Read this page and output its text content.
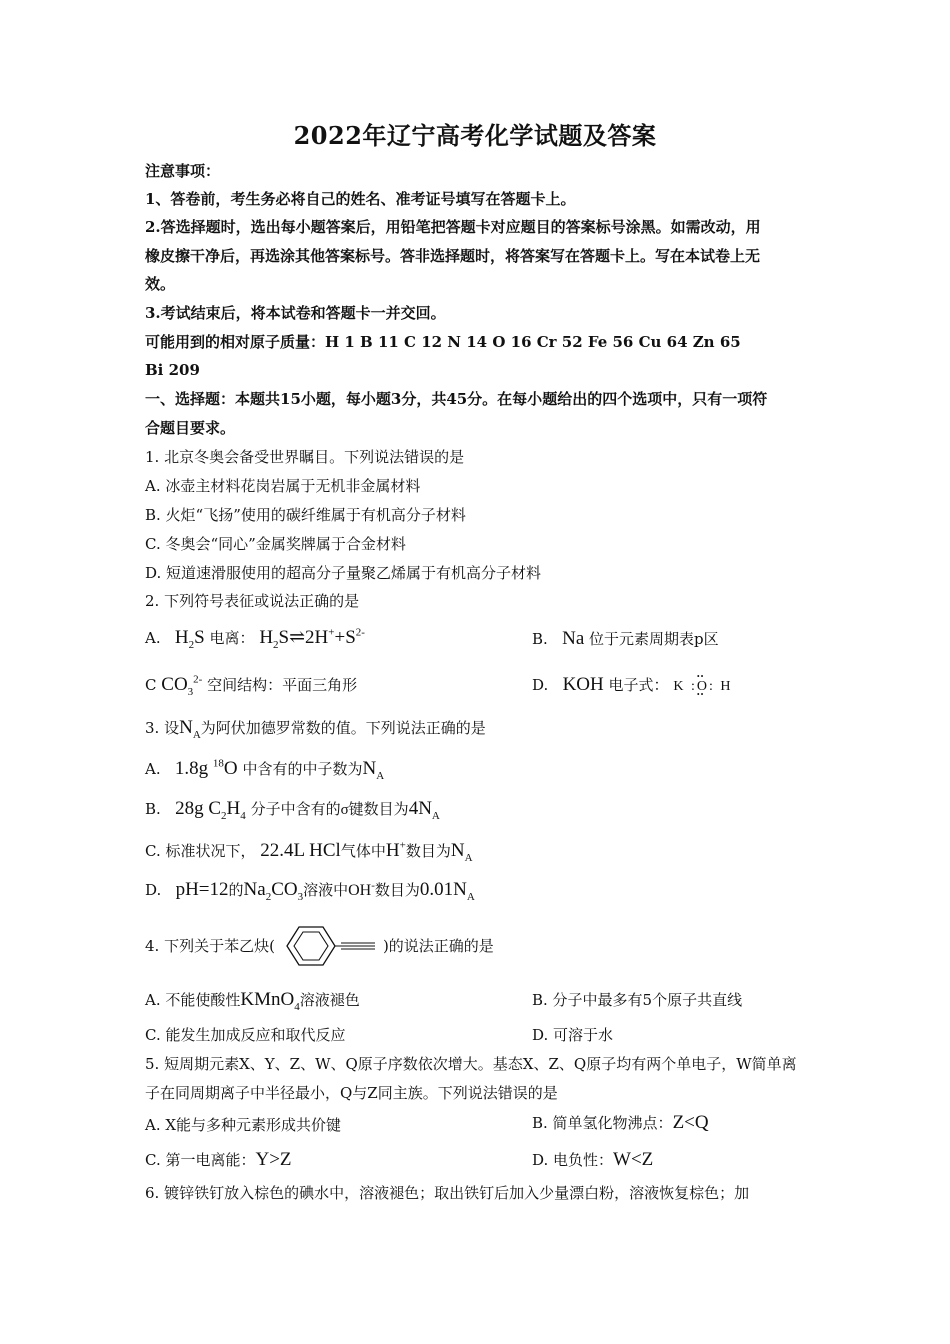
2022年辽宁高考化学试题及答案
注意事项：
1、答卷前，考生务必将自己的姓名、准考证号填写在答题卡上。
2.答选择题时，选出每小题答案后，用铅笔把答题卡对应题目的答案标号涂黑。如需改动，用
橡皮擦干净后，再选涂其他答案标号。答非选择题时，将答案写在答题卡上。写在本试卷上无
效。
3.考试结束后，将本试卷和答题卡一并交回。
可能用到的相对原子质量：H 1 B 11 C 12 N 14 O 16 Cr 52 Fe 56 Cu 64 Zn 65
Bi 209
一、选择题：本题共15小题，每小题3分，共45分。在每小题给出的四个选项中，只有一项符
合题目要求。
1. 北京冬奥会备受世界瞩目。下列说法错误的是
A. 冰壶主材料花岗岩属于无机非金属材料
B. 火炬“飞扬”使用的碳纤维属于有机高分子材料
C. 冬奥会“同心”金属奖牌属于合金材料
D. 短道速滑服使用的超高分子量聚乙烯属于有机高分子材料
2. 下列符号表征或说法正确的是
A. $H_2S$ 电离： $H_2S\rightleftharpoons 2H^++S^{2-}$	B. Na 位于元素周期表p区
C $CO_3^{2-}$ 空间结构：平面三角形	D. KOH 电子式： K :•• O ••: H
3. 设$N_A$为阿伏加德罗常数的值。下列说法正确的是
A. 1.8g $^{18}$O 中含有的中子数为$N_A$
B. 28g $C_2H_4$ 分子中含有的σ键数目为$4N_A$
C. 标准状况下， 22.4L HCl气体中H+数目为$N_A$
D. pH=12的$Na_2CO_3$溶液中OH-数目为$0.01N_A$
4. 下列关于苯乙炔(	)的说法正确的是
A. 不能使酸性KMnO$_4$溶液褪色	B. 分子中最多有5个原子共直线
C. 能发生加成反应和取代反应	D. 可溶于水
5. 短周期元素X、Y、Z、W、Q原子序数依次增大。基态X、Z、Q原子均有两个单电子，W简单离
子在同周期离子中半径最小，Q与Z同主族。下列说法错误的是
A. X能与多种元素形成共价键	B. 简单氢化物沸点：Z<Q
C. 第一电离能：Y>Z	D. 电负性：W<Z
6. 镀锌铁钉放入棕色的碘水中，溶液褪色；取出铁钉后加入少量漂白粉，溶液恢复棕色；加
